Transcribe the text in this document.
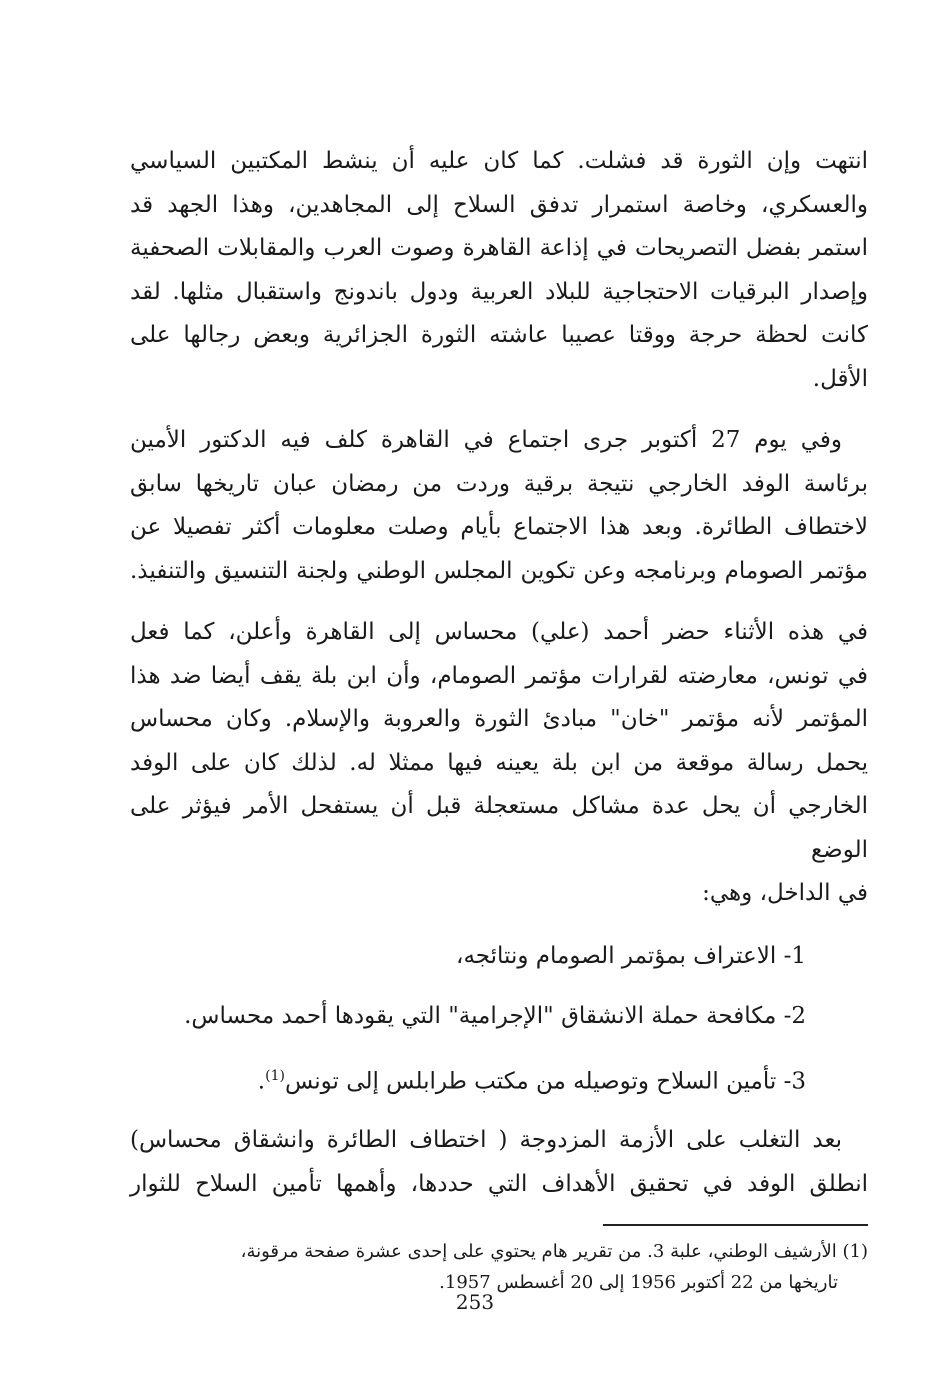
انتهت وإن الثورة قد فشلت. كما كان عليه أن ينشط المكتبين السياسي
والعسكري، وخاصة استمرار تدفق السلاح إلى المجاهدين، وهذا الجهد قد
استمر بفضل التصريحات في إذاعة القاهرة وصوت العرب والمقابلات الصحفية
وإصدار البرقيات الاحتجاجية للبلاد العربية ودول باندونج واستقبال مثلها. لقد
كانت لحظة حرجة ووقتا عصيبا عاشته الثورة الجزائرية وبعض رجالها على
الأقل.
وفي يوم 27 أكتوبر جرى اجتماع في القاهرة كلف فيه الدكتور الأمين
برئاسة الوفد الخارجي نتيجة برقية وردت من رمضان عبان تاريخها سابق
لاختطاف الطائرة. وبعد هذا الاجتماع بأيام وصلت معلومات أكثر تفصيلا عن
مؤتمر الصومام وبرنامجه وعن تكوين المجلس الوطني ولجنة التنسيق والتنفيذ.
في هذه الأثناء حضر أحمد (علي) محساس إلى القاهرة وأعلن، كما فعل
في تونس، معارضته لقرارات مؤتمر الصومام، وأن ابن بلة يقف أيضا ضد هذا
المؤتمر لأنه مؤتمر "خان" مبادئ الثورة والعروبة والإسلام. وكان محساس
يحمل رسالة موقعة من ابن بلة يعينه فيها ممثلا له. لذلك كان على الوفد
الخارجي أن يحل عدة مشاكل مستعجلة قبل أن يستفحل الأمر فيؤثر على الوضع
في الداخل، وهي:
1- الاعتراف بمؤتمر الصومام ونتائجه،
2- مكافحة حملة الانشقاق "الإجرامية" التي يقودها أحمد محساس.
3- تأمين السلاح وتوصيله من مكتب طرابلس إلى تونس$^{(1)}$.
بعد التغلب على الأزمة المزدوجة ( اختطاف الطائرة وانشقاق محساس)
انطلق الوفد في تحقيق الأهداف التي حددها، وأهمها تأمين السلاح للثوار
(1) الأرشيف الوطني، علبة 3. من تقرير هام يحتوي على إحدى عشرة صفحة مرقونة،
تاريخها من 22 أكتوبر 1956 إلى 20 أغسطس 1957.
253
